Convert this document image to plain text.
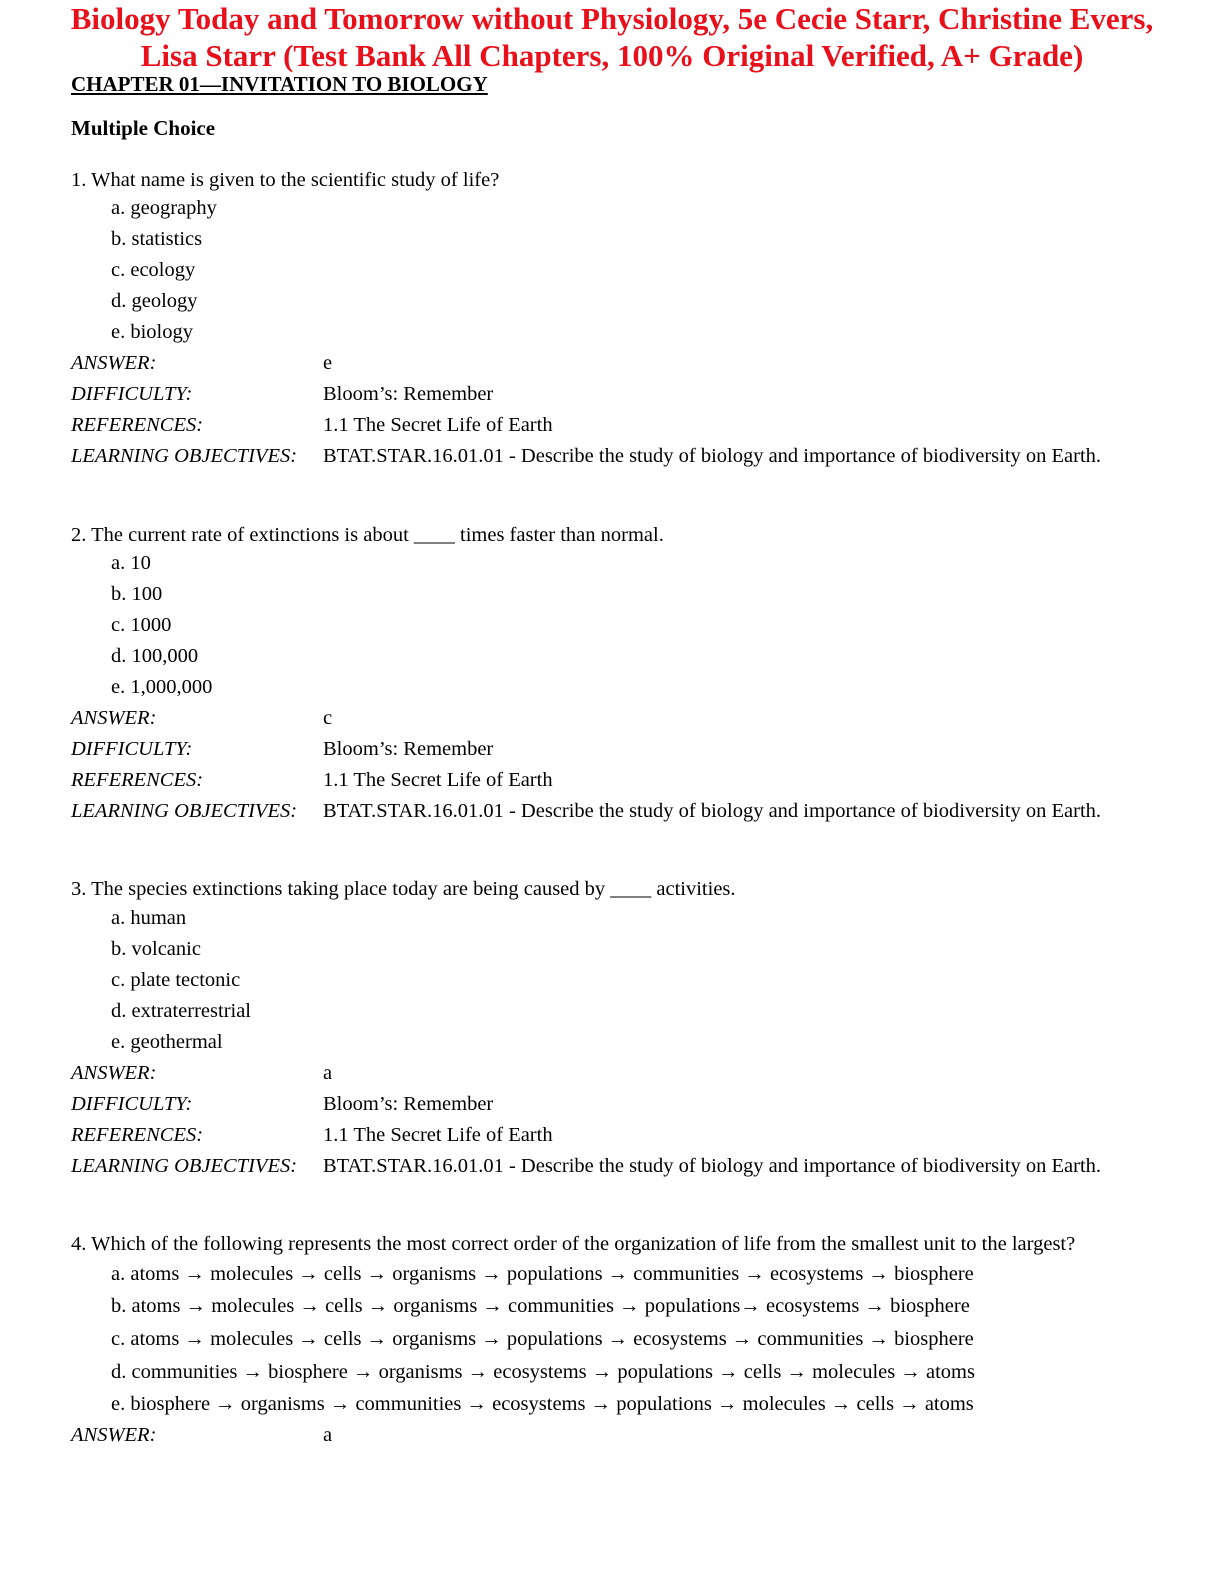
Biology Today and Tomorrow without Physiology, 5e Cecie Starr, Christine Evers,
Lisa Starr (Test Bank All Chapters, 100% Original Verified, A+ Grade)
CHAPTER 01—INVITATION TO BIOLOGY
Multiple Choice
1. What name is given to the scientific study of life?
a. geography
b. statistics
c. ecology
d. geology
e. biology
ANSWER:	e
DIFFICULTY:	Bloom’s: Remember
REFERENCES:	1.1 The Secret Life of Earth
LEARNING OBJECTIVES: BTAT.STAR.16.01.01 - Describe the study of biology and importance of biodiversity on Earth.
2. The current rate of extinctions is about ____ times faster than normal.
a. 10
b. 100
c. 1000
d. 100,000
e. 1,000,000
ANSWER:	c
DIFFICULTY:	Bloom’s: Remember
REFERENCES:	1.1 The Secret Life of Earth
LEARNING OBJECTIVES: BTAT.STAR.16.01.01 - Describe the study of biology and importance of biodiversity on Earth.
3. The species extinctions taking place today are being caused by ____ activities.
a. human
b. volcanic
c. plate tectonic
d. extraterrestrial
e. geothermal
ANSWER:	a
DIFFICULTY:	Bloom’s: Remember
REFERENCES:	1.1 The Secret Life of Earth
LEARNING OBJECTIVES: BTAT.STAR.16.01.01 - Describe the study of biology and importance of biodiversity on Earth.
4. Which of the following represents the most correct order of the organization of life from the smallest unit to the largest?
a. atoms → molecules → cells → organisms → populations → communities → ecosystems → biosphere
b. atoms → molecules → cells → organisms → communities → populations→ ecosystems → biosphere
c. atoms → molecules → cells → organisms → populations → ecosystems → communities → biosphere
d. communities → biosphere → organisms → ecosystems → populations → cells → molecules → atoms
e. biosphere → organisms → communities → ecosystems → populations → molecules → cells → atoms
ANSWER:	a
